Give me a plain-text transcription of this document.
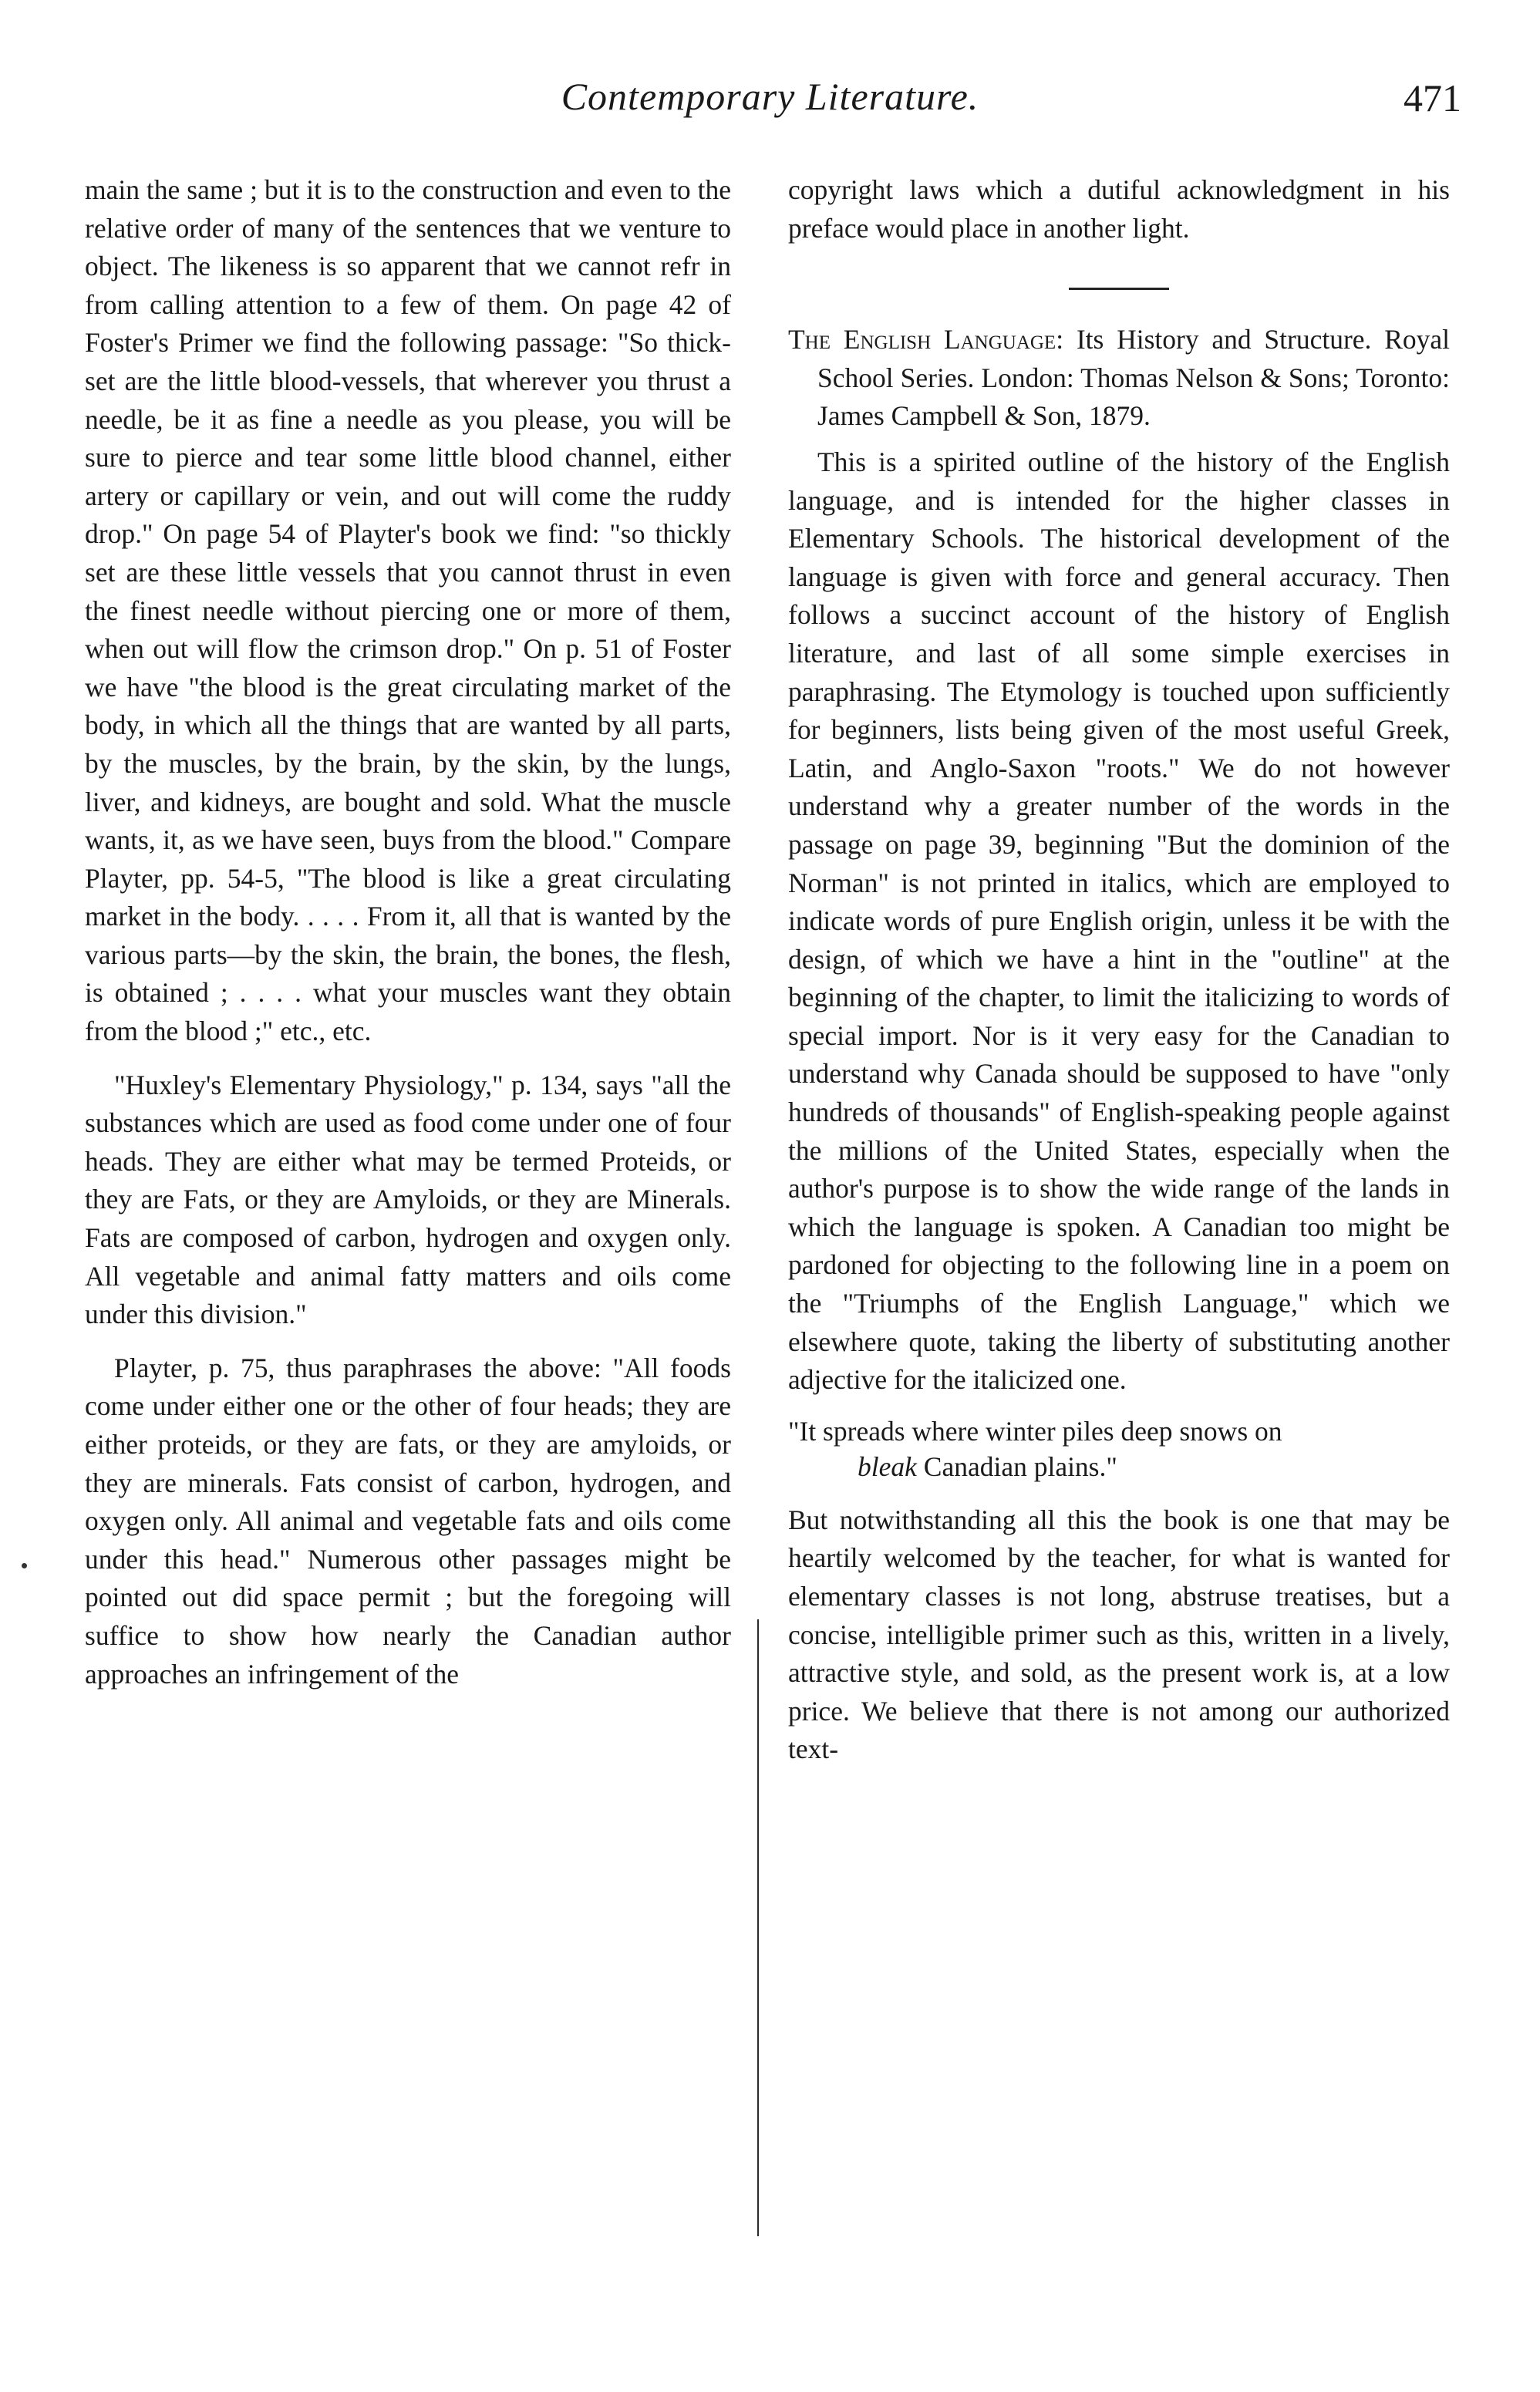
Contemporary Literature.	471

main the same ; but it is to the construction and even to the relative order of many of the sentences that we venture to object. The likeness is so apparent that we cannot refr in from calling attention to a few of them. On page 42 of Foster's Primer we find the following passage: "So thick-set are the little blood-vessels, that wherever you thrust a needle, be it as fine a needle as you please, you will be sure to pierce and tear some little blood channel, either artery or capillary or vein, and out will come the ruddy drop." On page 54 of Playter's book we find: "so thickly set are these little vessels that you cannot thrust in even the finest needle without piercing one or more of them, when out will flow the crimson drop." On p. 51 of Foster we have "the blood is the great circulating market of the body, in which all the things that are wanted by all parts, by the muscles, by the brain, by the skin, by the lungs, liver, and kidneys, are bought and sold. What the muscle wants, it, as we have seen, buys from the blood." Compare Playter, pp. 54-5, "The blood is like a great circulating market in the body. . . . . From it, all that is wanted by the various parts—by the skin, the brain, the bones, the flesh, is obtained ; . . . . what your muscles want they obtain from the blood ;" etc., etc.

"Huxley's Elementary Physiology," p. 134, says "all the substances which are used as food come under one of four heads. They are either what may be termed Proteids, or they are Fats, or they are Amyloids, or they are Minerals. Fats are composed of carbon, hydrogen and oxygen only. All vegetable and animal fatty matters and oils come under this division."

Playter, p. 75, thus paraphrases the above: "All foods come under either one or the other of four heads; they are either proteids, or they are fats, or they are amyloids, or they are minerals. Fats consist of carbon, hydrogen, and oxygen only. All animal and vegetable fats and oils come under this head." Numerous other passages might be pointed out did space permit ; but the foregoing will suffice to show how nearly the Canadian author approaches an infringement of the

copyright laws which a dutiful acknowledgment in his preface would place in another light.

The English Language: Its History and Structure. Royal School Series. London: Thomas Nelson & Sons; Toronto: James Campbell & Son, 1879.

This is a spirited outline of the history of the English language, and is intended for the higher classes in Elementary Schools. The historical development of the language is given with force and general accuracy. Then follows a succinct account of the history of English literature, and last of all some simple exercises in paraphrasing. The Etymology is touched upon sufficiently for beginners, lists being given of the most useful Greek, Latin, and Anglo-Saxon "roots." We do not however understand why a greater number of the words in the passage on page 39, beginning "But the dominion of the Norman" is not printed in italics, which are employed to indicate words of pure English origin, unless it be with the design, of which we have a hint in the "outline" at the beginning of the chapter, to limit the italicizing to words of special import. Nor is it very easy for the Canadian to understand why Canada should be supposed to have "only hundreds of thousands" of English-speaking people against the millions of the United States, especially when the author's purpose is to show the wide range of the lands in which the language is spoken. A Canadian too might be pardoned for objecting to the following line in a poem on the "Triumphs of the English Language," which we elsewhere quote, taking the liberty of substituting another adjective for the italicized one.

"It spreads where winter piles deep snows on
bleak Canadian plains."

But notwithstanding all this the book is one that may be heartily welcomed by the teacher, for what is wanted for elementary classes is not long, abstruse treatises, but a concise, intelligible primer such as this, written in a lively, attractive style, and sold, as the present work is, at a low price. We believe that there is not among our authorized text-
